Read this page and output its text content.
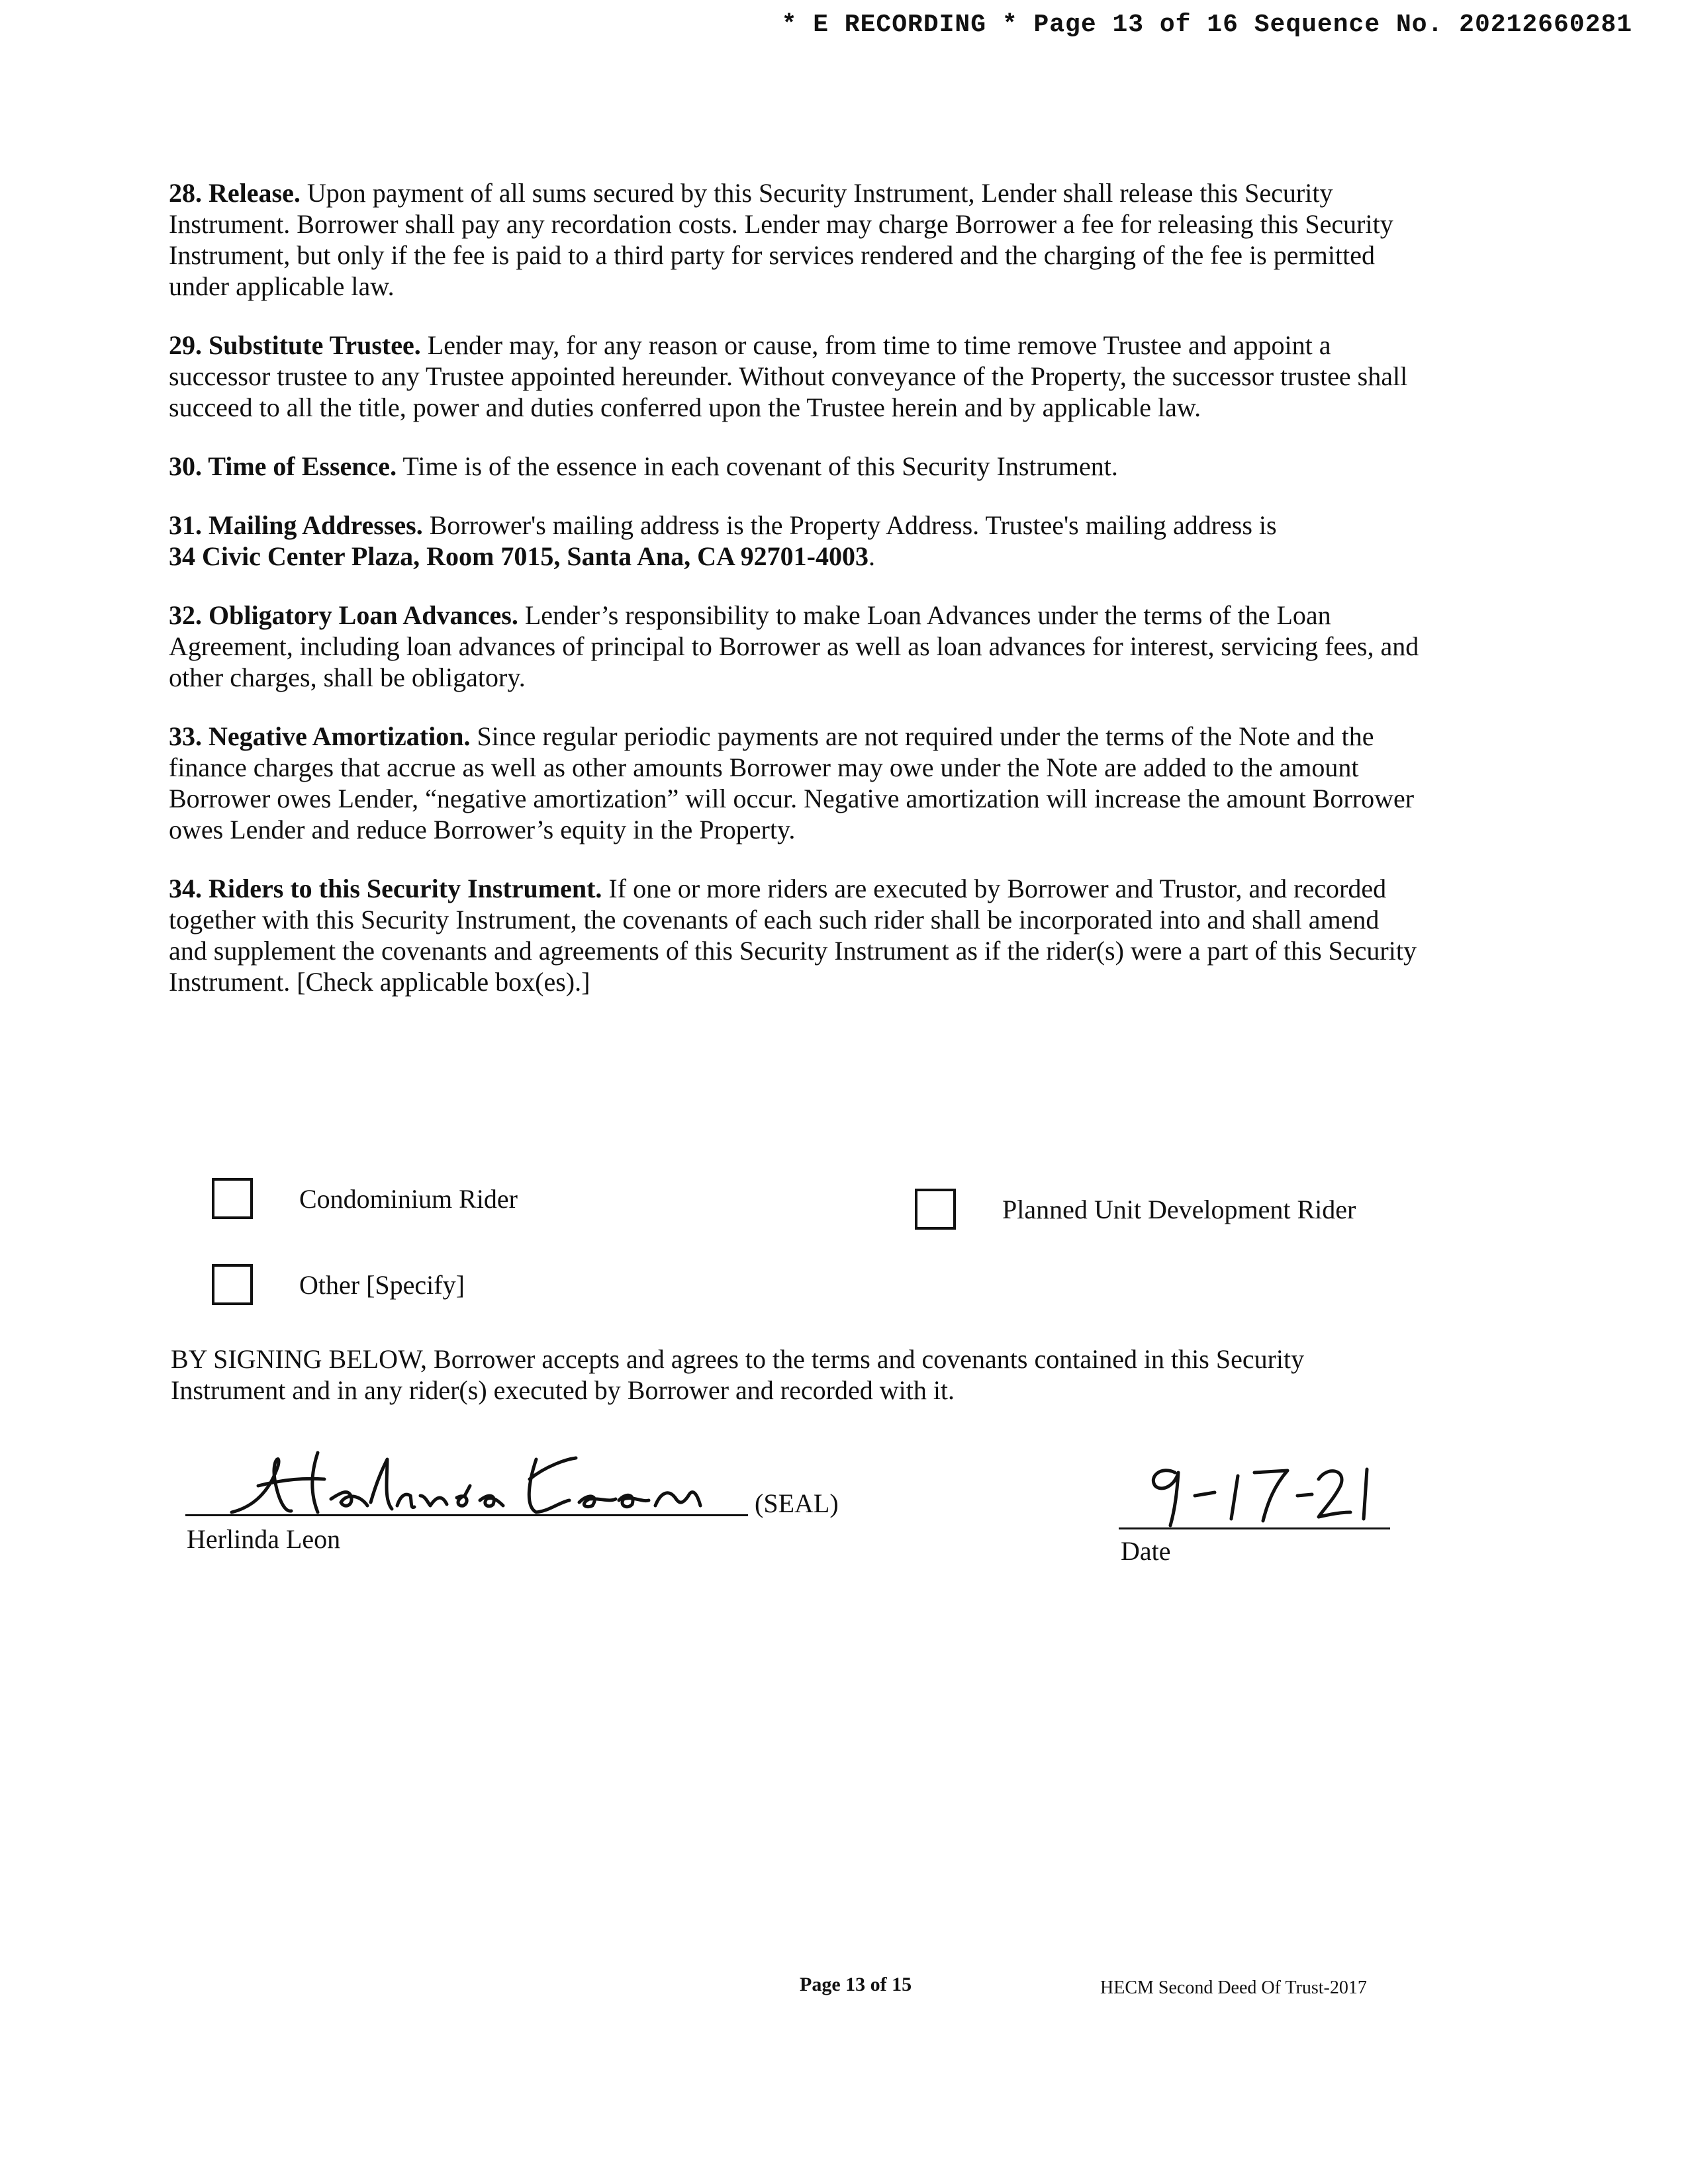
* E RECORDING * Page 13 of 16 Sequence No. 20212660281

28. Release. Upon payment of all sums secured by this Security Instrument, Lender shall release this Security Instrument. Borrower shall pay any recordation costs. Lender may charge Borrower a fee for releasing this Security Instrument, but only if the fee is paid to a third party for services rendered and the charging of the fee is permitted under applicable law.

29. Substitute Trustee. Lender may, for any reason or cause, from time to time remove Trustee and appoint a successor trustee to any Trustee appointed hereunder. Without conveyance of the Property, the successor trustee shall succeed to all the title, power and duties conferred upon the Trustee herein and by applicable law.

30. Time of Essence. Time is of the essence in each covenant of this Security Instrument.

31. Mailing Addresses. Borrower's mailing address is the Property Address. Trustee's mailing address is
34 Civic Center Plaza, Room 7015, Santa Ana, CA 92701-4003.

32. Obligatory Loan Advances. Lender’s responsibility to make Loan Advances under the terms of the Loan Agreement, including loan advances of principal to Borrower as well as loan advances for interest, servicing fees, and other charges, shall be obligatory.

33. Negative Amortization. Since regular periodic payments are not required under the terms of the Note and the finance charges that accrue as well as other amounts Borrower may owe under the Note are added to the amount Borrower owes Lender, “negative amortization” will occur. Negative amortization will increase the amount Borrower owes Lender and reduce Borrower’s equity in the Property.

34. Riders to this Security Instrument. If one or more riders are executed by Borrower and Trustor, and recorded together with this Security Instrument, the covenants of each such rider shall be incorporated into and shall amend and supplement the covenants and agreements of this Security Instrument as if the rider(s) were a part of this Security Instrument. [Check applicable box(es).]

Condominium Rider	Planned Unit Development Rider
Other [Specify]
BY SIGNING BELOW, Borrower accepts and agrees to the terms and covenants contained in this Security Instrument and in any rider(s) executed by Borrower and recorded with it.
(SEAL)
Herlinda Leon	Date
Page 13 of 15	HECM Second Deed Of Trust-2017
